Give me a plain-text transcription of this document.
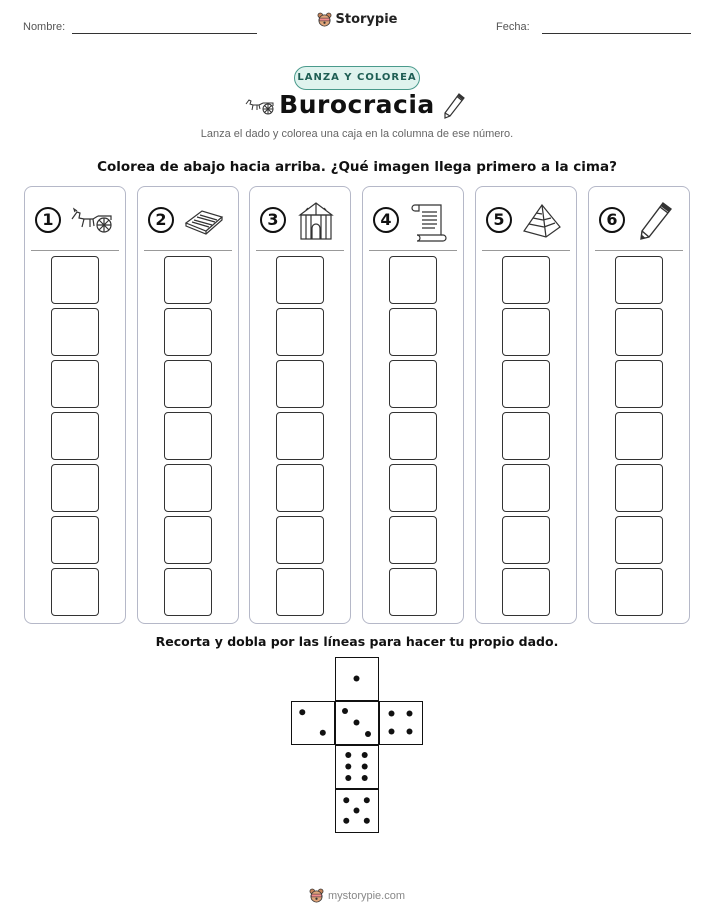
Nombre:	Fecha:
Storypie
LANZA Y COLOREA
Burocracia
Lanza el dado y colorea una caja en la columna de ese número.
Colorea de abajo hacia arriba. ¿Qué imagen llega primero a la cima?
1	2	3	4	5	6
Recorta y dobla por las líneas para hacer tu propio dado.
mystorypie.com
